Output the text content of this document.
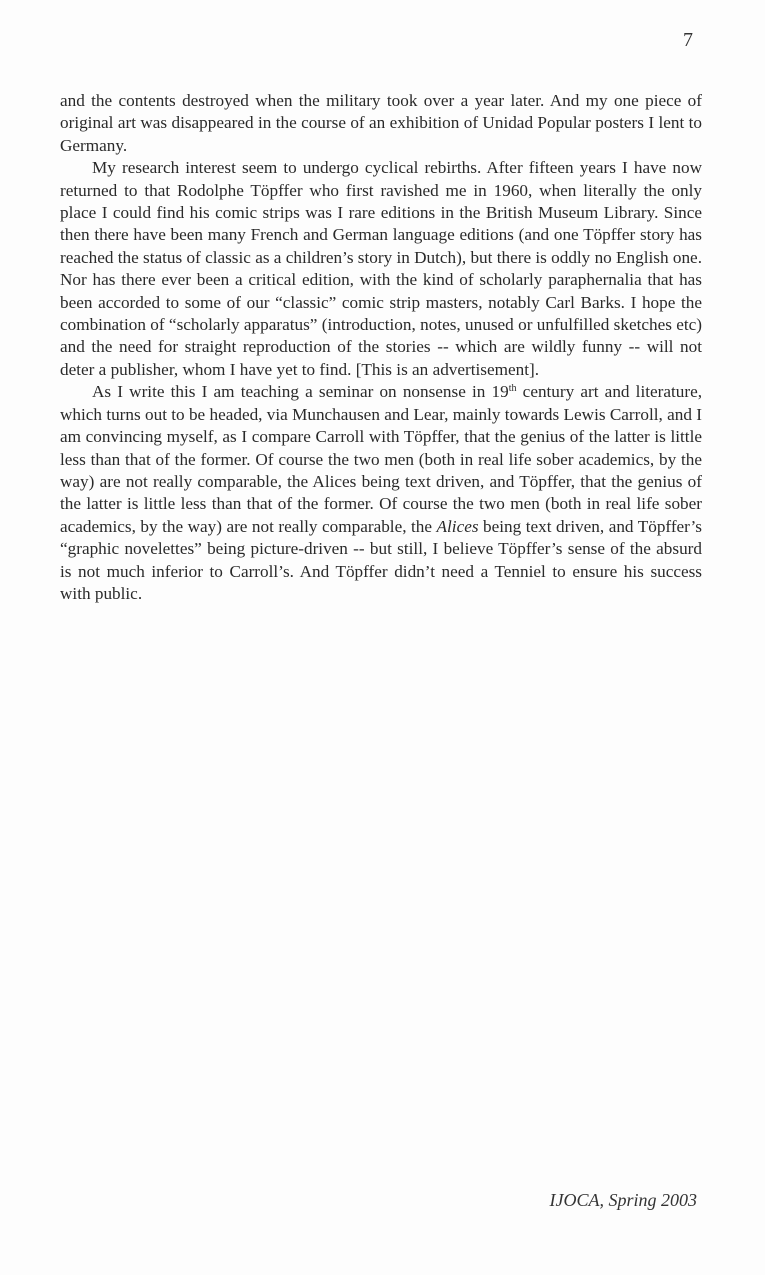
7

and the contents destroyed when the military took over a year later. And my one piece of original art was disappeared in the course of an exhibition of Unidad Popular posters I lent to Germany.

My research interest seem to undergo cyclical rebirths. After fifteen years I have now returned to that Rodolphe Töpffer who first ravished me in 1960, when literally the only place I could find his comic strips was I rare editions in the British Museum Library. Since then there have been many French and German language editions (and one Töpffer story has reached the status of classic as a children’s story in Dutch), but there is oddly no English one. Nor has there ever been a critical edition, with the kind of scholarly paraphernalia that has been accorded to some of our “classic” comic strip masters, notably Carl Barks. I hope the combination of “scholarly apparatus” (introduction, notes, unused or unfulfilled sketches etc) and the need for straight reproduction of the stories -- which are wildly funny -- will not deter a publisher, whom I have yet to find. [This is an advertisement].

As I write this I am teaching a seminar on nonsense in 19th century art and literature, which turns out to be headed, via Munchausen and Lear, mainly towards Lewis Carroll, and I am convincing myself, as I compare Carroll with Töpffer, that the genius of the latter is little less than that of the former. Of course the two men (both in real life sober academics, by the way) are not really comparable, the Alices being text driven, and Töpffer, that the genius of the latter is little less than that of the former. Of course the two men (both in real life sober academics, by the way) are not really comparable, the Alices being text driven, and Töpffer’s “graphic novelettes” being picture-driven -- but still, I believe Töpffer’s sense of the absurd is not much inferior to Carroll’s. And Töpffer didn’t need a Tenniel to ensure his success with public.

IJOCA, Spring 2003
